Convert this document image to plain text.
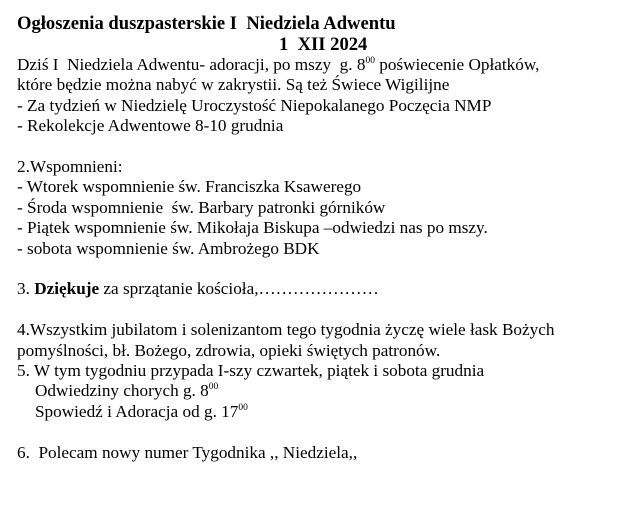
Ogłoszenia duszpasterskie I  Niedziela Adwentu
1  XII 2024
Dziś I  Niedziela Adwentu- adoracji, po mszy  g. $8^{00}$ poświecenie Opłatków,
które będzie można nabyć w zakrystii. Są też Świece Wigilijne
- Za tydzień w Niedzielę Uroczystość Niepokalanego Poczęcia NMP
- Rekolekcje Adwentowe 8-10 grudnia
2.Wspomnieni:
- Wtorek wspomnienie św. Franciszka Ksawerego
- Środa wspomnienie  św. Barbary patronki górników
- Piątek wspomnienie św. Mikołaja Biskupa –odwiedzi nas po mszy.
- sobota wspomnienie św. Ambrożego BDK
3. Dziękuje za sprzątanie kościoła,…………………
4.Wszystkim jubilatom i solenizantom tego tygodnia życzę wiele łask Bożych
pomyślności, bł. Bożego, zdrowia, opieki świętych patronów.
5. W tym tygodniu przypada I-szy czwartek, piątek i sobota grudnia
Odwiedziny chorych g. $8^{00}$
Spowiedź i Adoracja od g. $17^{00}$
6.  Polecam nowy numer Tygodnika ,, Niedziela,,
